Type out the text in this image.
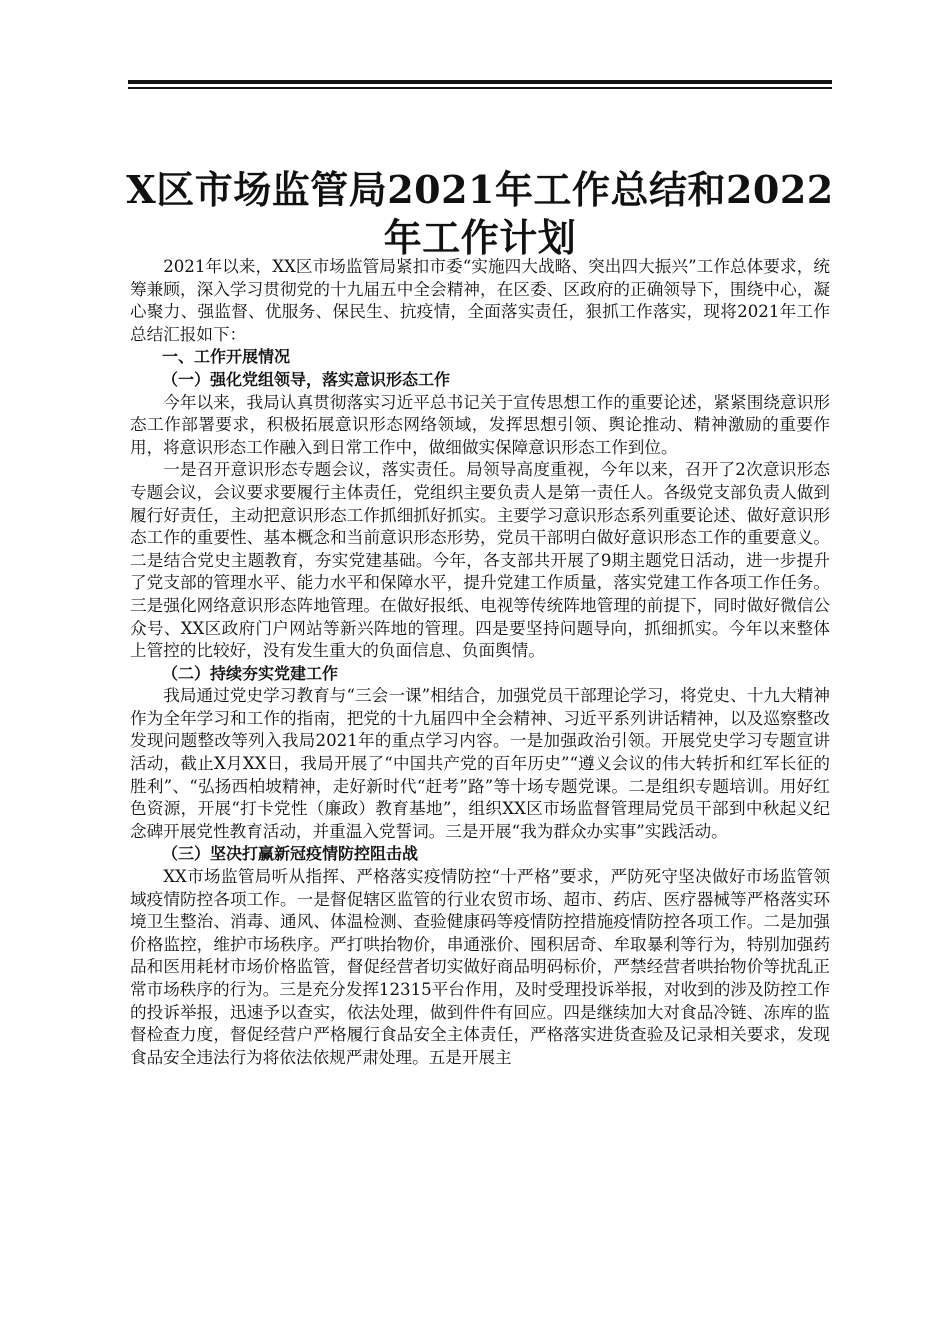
X区市场监管局2021年工作总结和2022年工作计划

2021年以来，XX区市场监管局紧扣市委“实施四大战略、突出四大振兴”工作总体要求，统筹兼顾，深入学习贯彻党的十九届五中全会精神，在区委、区政府的正确领导下，围绕中心，凝心聚力、强监督、优服务、保民生、抗疫情，全面落实责任，狠抓工作落实，现将2021年工作总结汇报如下：

一、工作开展情况

（一）强化党组领导，落实意识形态工作

今年以来，我局认真贯彻落实习近平总书记关于宣传思想工作的重要论述，紧紧围绕意识形态工作部署要求，积极拓展意识形态网络领域，发挥思想引领、舆论推动、精神激励的重要作用，将意识形态工作融入到日常工作中，做细做实保障意识形态工作到位。

一是召开意识形态专题会议，落实责任。局领导高度重视，今年以来，召开了2次意识形态专题会议，会议要求要履行主体责任，党组织主要负责人是第一责任人。各级党支部负责人做到履行好责任，主动把意识形态工作抓细抓好抓实。主要学习意识形态系列重要论述、做好意识形态工作的重要性、基本概念和当前意识形态形势，党员干部明白做好意识形态工作的重要意义。二是结合党史主题教育，夯实党建基础。今年，各支部共开展了9期主题党日活动，进一步提升了党支部的管理水平、能力水平和保障水平，提升党建工作质量，落实党建工作各项工作任务。三是强化网络意识形态阵地管理。在做好报纸、电视等传统阵地管理的前提下，同时做好微信公众号、XX区政府门户网站等新兴阵地的管理。四是要坚持问题导向，抓细抓实。今年以来整体上管控的比较好，没有发生重大的负面信息、负面舆情。

（二）持续夯实党建工作

我局通过党史学习教育与“三会一课”相结合，加强党员干部理论学习，将党史、十九大精神作为全年学习和工作的指南，把党的十九届四中全会精神、习近平系列讲话精神，以及巡察整改发现问题整改等列入我局2021年的重点学习内容。一是加强政治引领。开展党史学习专题宣讲活动，截止X月XX日，我局开展了“中国共产党的百年历史”“遵义会议的伟大转折和红军长征的胜利”、“弘扬西柏坡精神，走好新时代“赶考”路”等十场专题党课。二是组织专题培训。用好红色资源，开展“打卡党性（廉政）教育基地”，组织XX区市场监督管理局党员干部到中秋起义纪念碑开展党性教育活动，并重温入党誓词。三是开展“我为群众办实事”实践活动。

（三）坚决打赢新冠疫情防控阻击战

XX市场监管局听从指挥、严格落实疫情防控“十严格”要求，严防死守坚决做好市场监管领域疫情防控各项工作。一是督促辖区监管的行业农贸市场、超市、药店、医疗器械等严格落实环境卫生整治、消毒、通风、体温检测、查验健康码等疫情防控措施疫情防控各项工作。二是加强价格监控，维护市场秩序。严打哄抬物价，串通涨价、囤积居奇、牟取暴利等行为，特别加强药品和医用耗材市场价格监管，督促经营者切实做好商品明码标价，严禁经营者哄抬物价等扰乱正常市场秩序的行为。三是充分发挥12315平台作用，及时受理投诉举报，对收到的涉及防控工作的投诉举报，迅速予以查实，依法处理，做到件件有回应。四是继续加大对食品冷链、冻库的监督检查力度，督促经营户严格履行食品安全主体责任，严格落实进货查验及记录相关要求，发现食品安全违法行为将依法依规严肃处理。五是开展主
